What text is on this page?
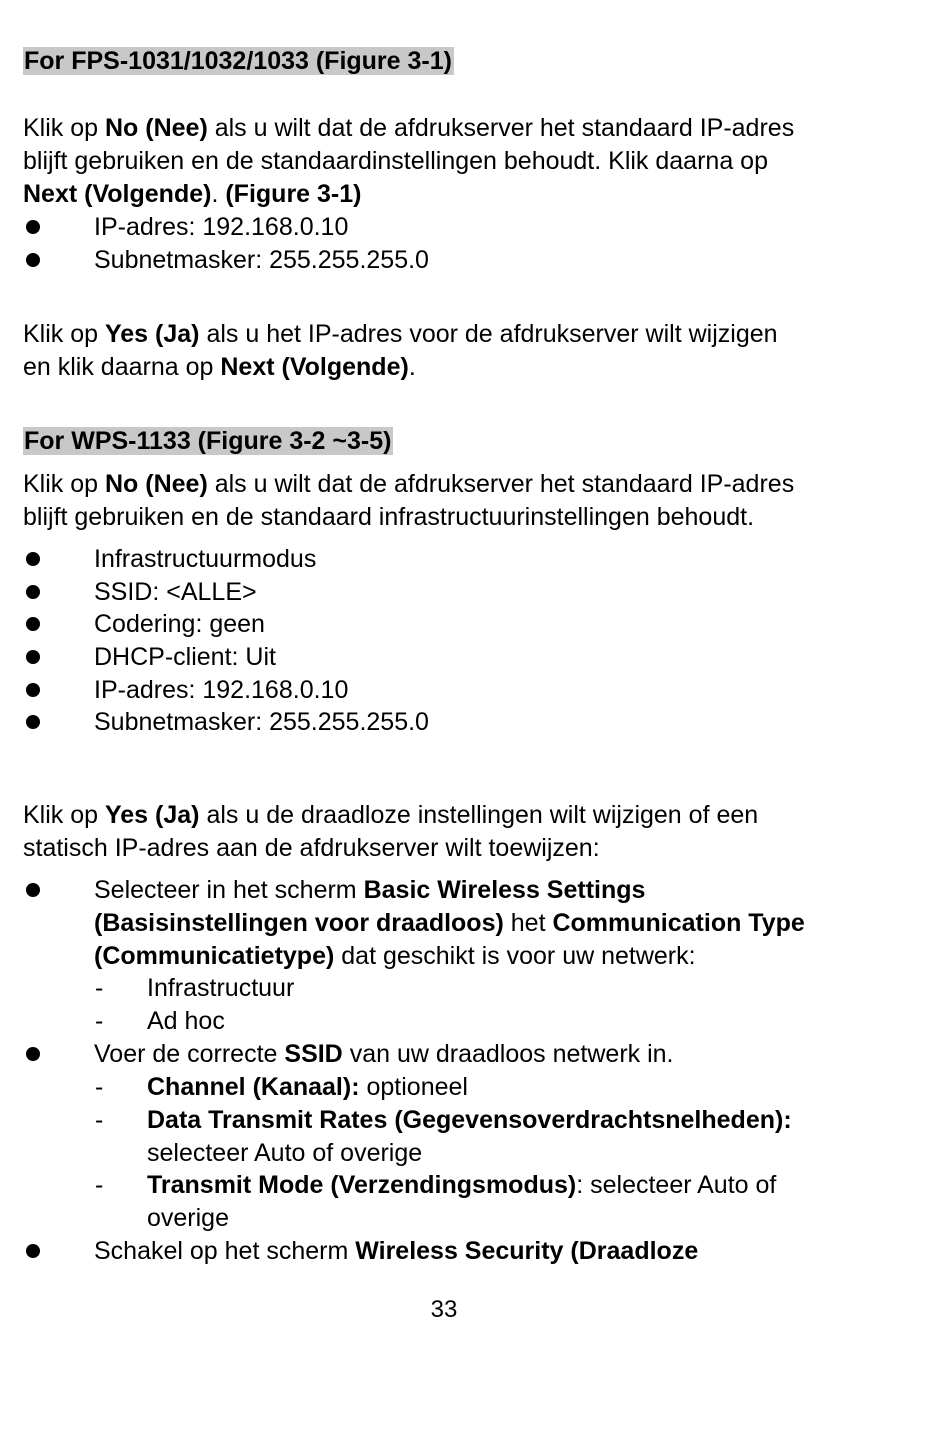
For FPS-1031/1032/1033 (Figure 3-1)
Klik op No (Nee) als u wilt dat de afdrukserver het standaard IP-adres
blijft gebruiken en de standaardinstellingen behoudt. Klik daarna op
Next (Volgende). (Figure 3-1)
IP-adres: 192.168.0.10
Subnetmasker: 255.255.255.0
Klik op Yes (Ja) als u het IP-adres voor de afdrukserver wilt wijzigen
en klik daarna op Next (Volgende).
For WPS-1133 (Figure 3-2 ~3-5)
Klik op No (Nee) als u wilt dat de afdrukserver het standaard IP-adres
blijft gebruiken en de standaard infrastructuurinstellingen behoudt.
Infrastructuurmodus
SSID: <ALLE>
Codering: geen
DHCP-client: Uit
IP-adres: 192.168.0.10
Subnetmasker: 255.255.255.0
Klik op Yes (Ja) als u de draadloze instellingen wilt wijzigen of een
statisch IP-adres aan de afdrukserver wilt toewijzen:
Selecteer in het scherm Basic Wireless Settings
(Basisinstellingen voor draadloos) het Communication Type
(Communicatietype) dat geschikt is voor uw netwerk:
- Infrastructuur
- Ad hoc
Voer de correcte SSID van uw draadloos netwerk in.
- Channel (Kanaal): optioneel
- Data Transmit Rates (Gegevensoverdrachtsnelheden):
selecteer Auto of overige
- Transmit Mode (Verzendingsmodus): selecteer Auto of
overige
Schakel op het scherm Wireless Security (Draadloze
33
